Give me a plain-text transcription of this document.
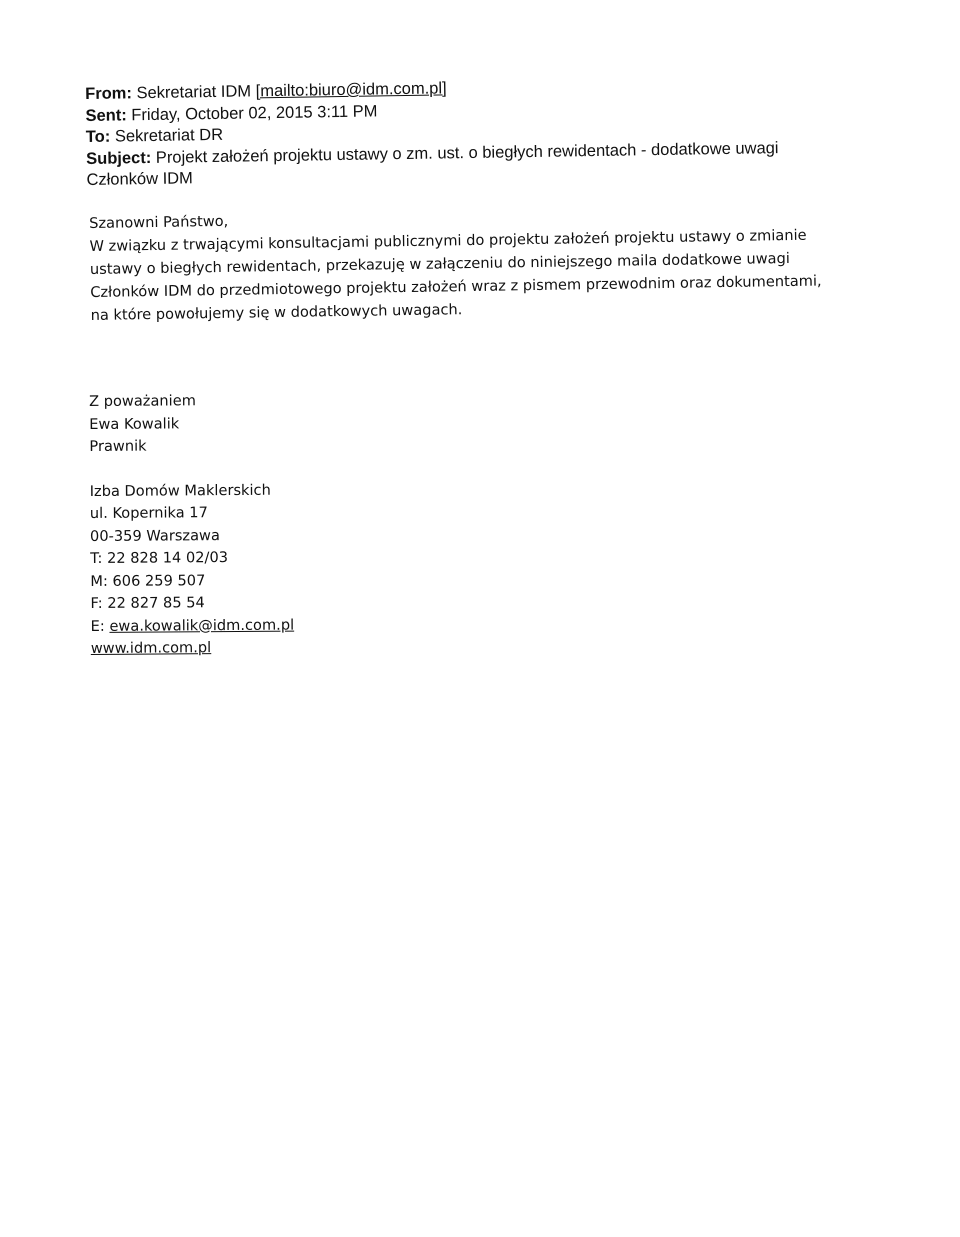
From: Sekretariat IDM [mailto:biuro@idm.com.pl]
Sent: Friday, October 02, 2015 3:11 PM
To: Sekretariat DR
Subject: Projekt założeń projektu ustawy o zm. ust. o biegłych rewidentach - dodatkowe uwagi
Członków IDM
Szanowni Państwo,
W związku z trwającymi konsultacjami publicznymi do projektu założeń projektu ustawy o zmianie
ustawy o biegłych rewidentach, przekazuję w załączeniu do niniejszego maila dodatkowe uwagi
Członków IDM do przedmiotowego projektu założeń wraz z pismem przewodnim oraz dokumentami,
na które powołujemy się w dodatkowych uwagach.
Z poważaniem
Ewa Kowalik
Prawnik
Izba Domów Maklerskich
ul. Kopernika 17
00-359 Warszawa
T: 22 828 14 02/03
M: 606 259 507
F: 22 827 85 54
E: ewa.kowalik@idm.com.pl
www.idm.com.pl
